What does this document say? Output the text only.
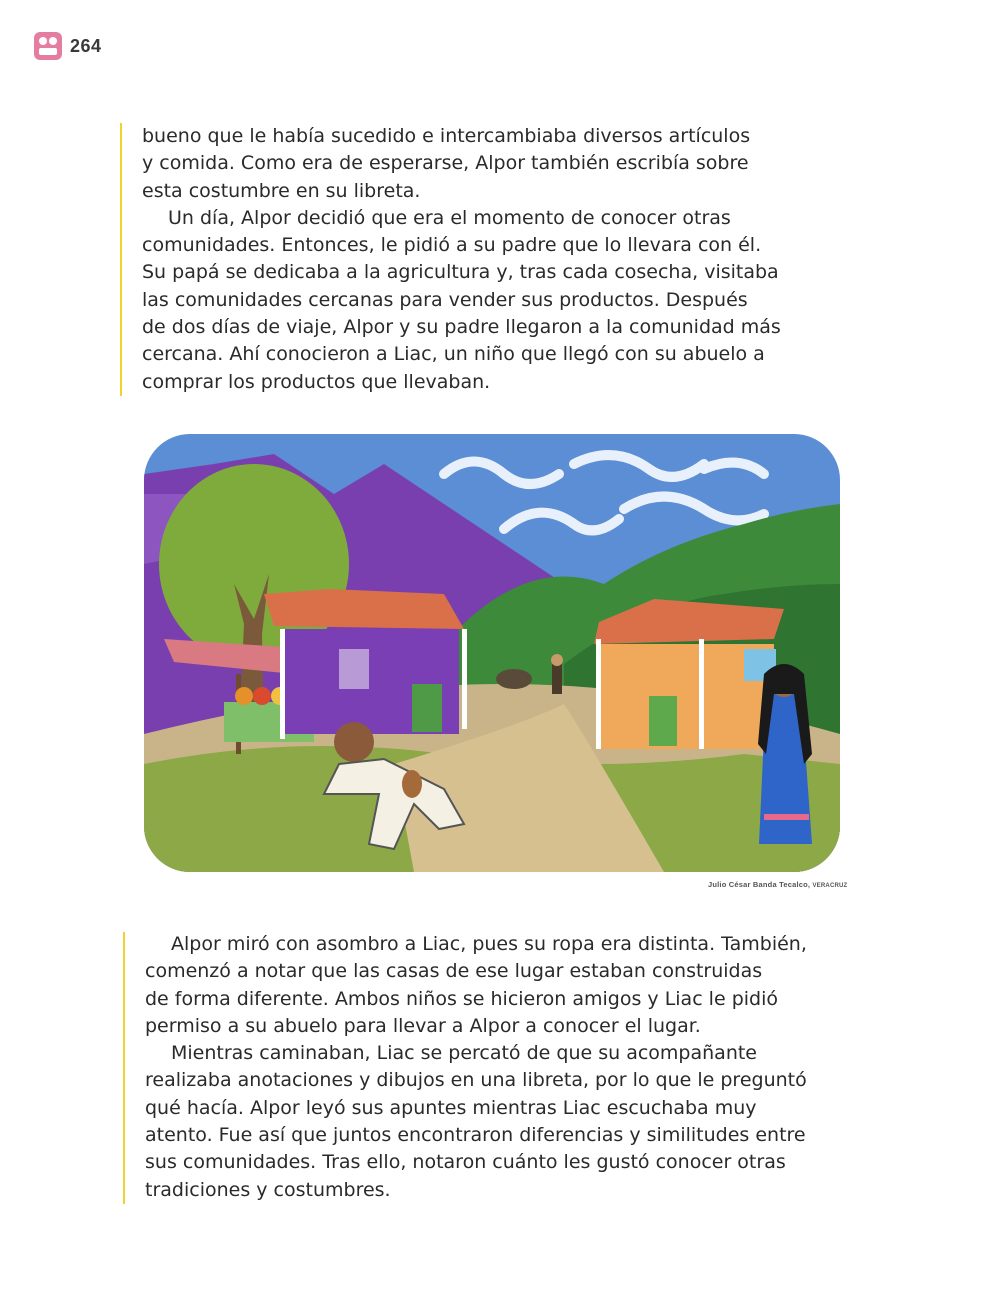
264
bueno que le había sucedido e intercambiaba diversos artículos
y comida. Como era de esperarse, Alpor también escribía sobre
esta costumbre en su libreta.
Un día, Alpor decidió que era el momento de conocer otras
comunidades. Entonces, le pidió a su padre que lo llevara con él.
Su papá se dedicaba a la agricultura y, tras cada cosecha, visitaba
las comunidades cercanas para vender sus productos. Después
de dos días de viaje, Alpor y su padre llegaron a la comunidad más
cercana. Ahí conocieron a Liac, un niño que llegó con su abuelo a
comprar los productos que llevaban.
Julio César Banda Tecalco, VERACRUZ
Alpor miró con asombro a Liac, pues su ropa era distinta. También,
comenzó a notar que las casas de ese lugar estaban construidas
de forma diferente. Ambos niños se hicieron amigos y Liac le pidió
permiso a su abuelo para llevar a Alpor a conocer el lugar.
Mientras caminaban, Liac se percató de que su acompañante
realizaba anotaciones y dibujos en una libreta, por lo que le preguntó
qué hacía. Alpor leyó sus apuntes mientras Liac escuchaba muy
atento. Fue así que juntos encontraron diferencias y similitudes entre
sus comunidades. Tras ello, notaron cuánto les gustó conocer otras
tradiciones y costumbres.
